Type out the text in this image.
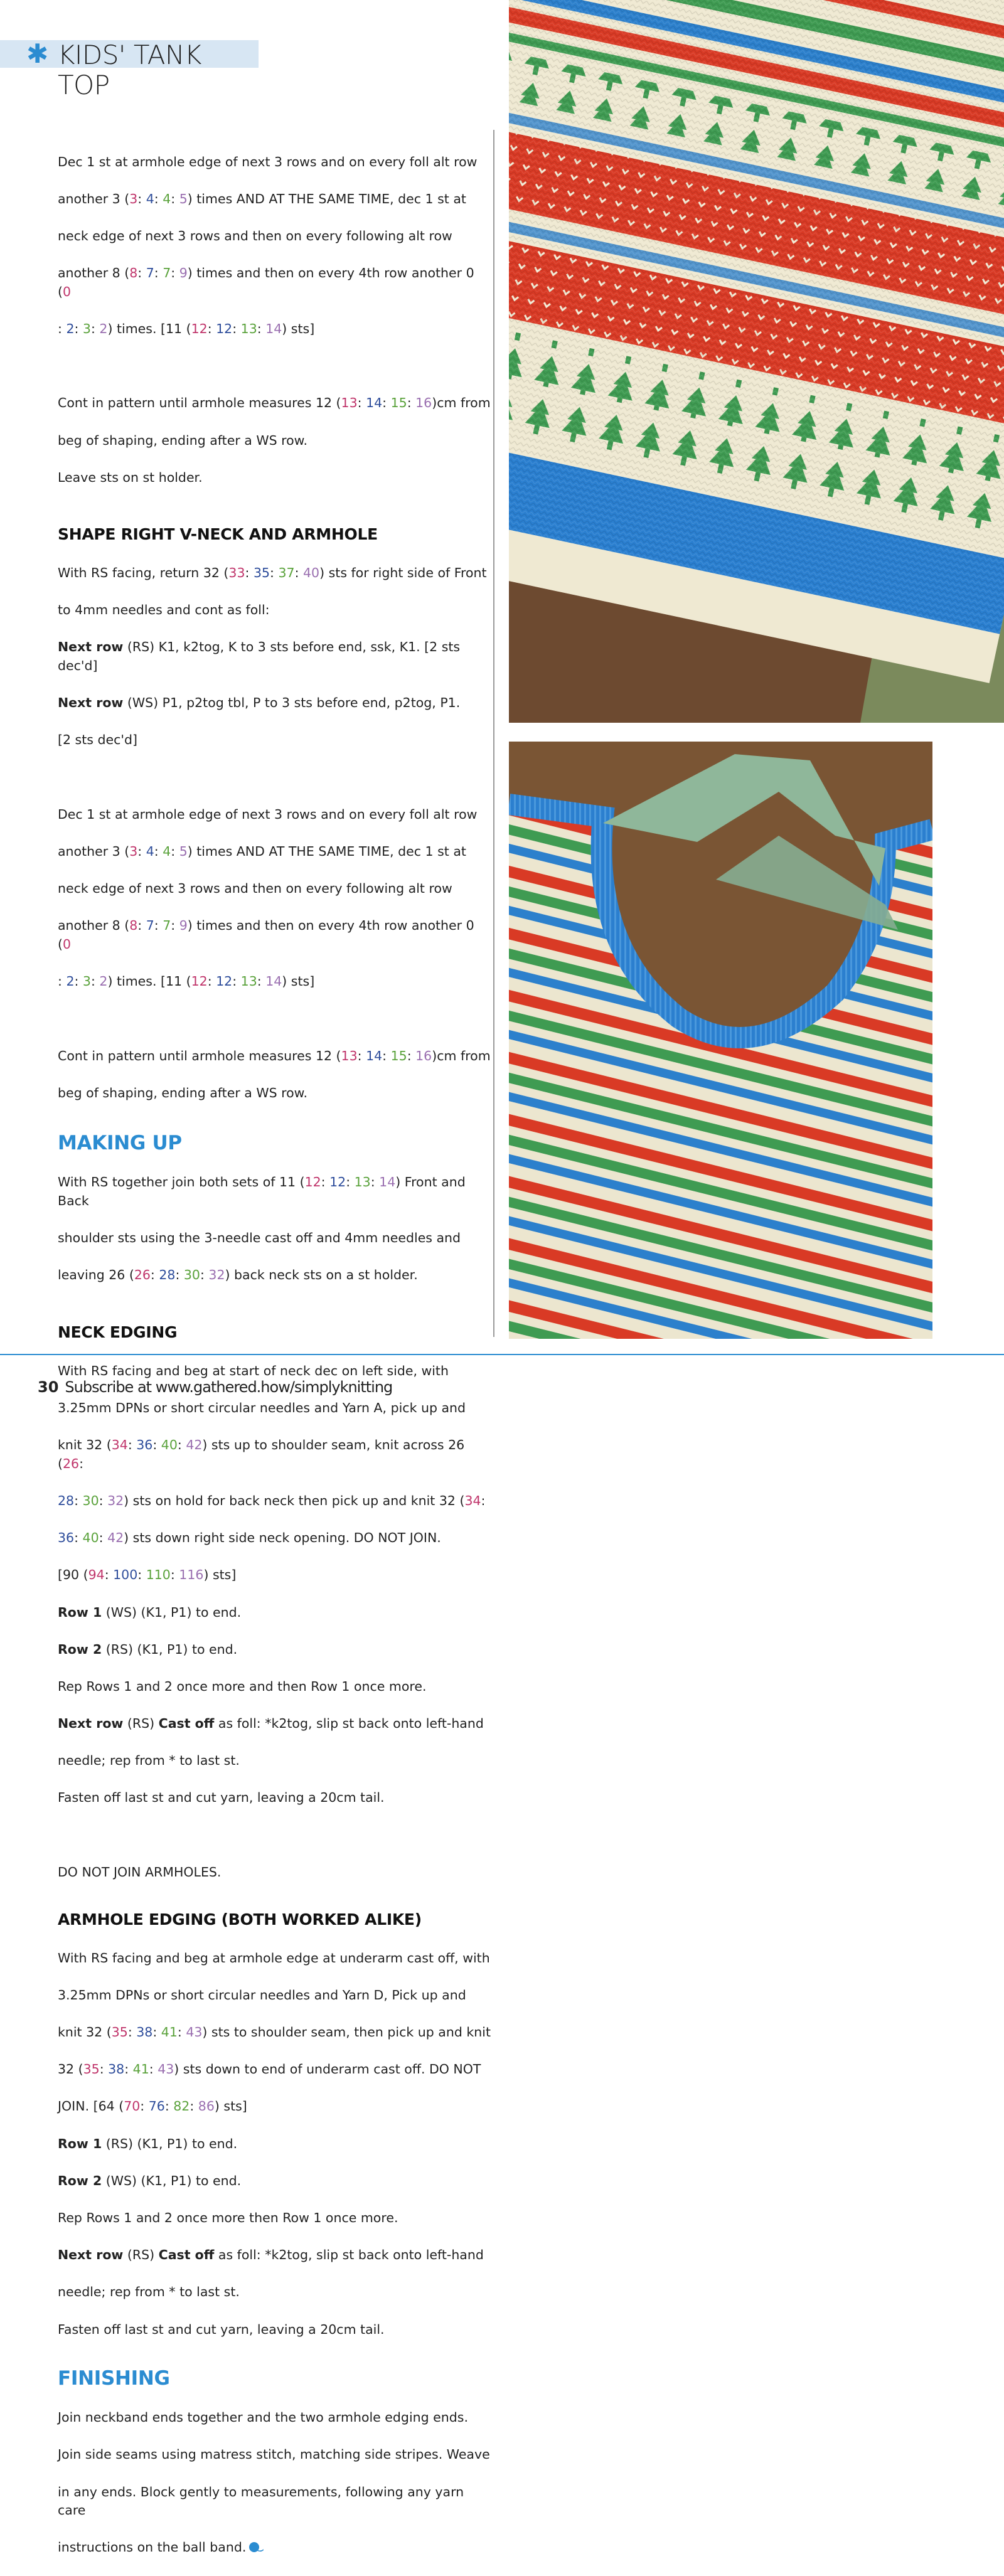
✱ KIDS' TANK TOP

Dec 1 st at armhole edge of next 3 rows and on every foll alt row

another 3 (3: 4: 4: 5) times AND AT THE SAME TIME, dec 1 st at

neck edge of next 3 rows and then on every following alt row

another 8 (8: 7: 7: 9) times and then on every 4th row another 0 (0

: 2: 3: 2) times. [11 (12: 12: 13: 14) sts]

Cont in pattern until armhole measures 12 (13: 14: 15: 16)cm from

beg of shaping, ending after a WS row.

Leave sts on st holder.

SHAPE RIGHT V-NECK AND ARMHOLE

With RS facing, return 32 (33: 35: 37: 40) sts for right side of Front

to 4mm needles and cont as foll:

Next row (RS) K1, k2tog, K to 3 sts before end, ssk, K1. [2 sts dec'd]

Next row (WS) P1, p2tog tbl, P to 3 sts before end, p2tog, P1.

[2 sts dec'd]

Dec 1 st at armhole edge of next 3 rows and on every foll alt row

another 3 (3: 4: 4: 5) times AND AT THE SAME TIME, dec 1 st at

neck edge of next 3 rows and then on every following alt row

another 8 (8: 7: 7: 9) times and then on every 4th row another 0 (0

: 2: 3: 2) times. [11 (12: 12: 13: 14) sts]

Cont in pattern until armhole measures 12 (13: 14: 15: 16)cm from

beg of shaping, ending after a WS row.

MAKING UP

With RS together join both sets of 11 (12: 12: 13: 14) Front and Back

shoulder sts using the 3-needle cast off and 4mm needles and

leaving 26 (26: 28: 30: 32) back neck sts on a st holder.

NECK EDGING

With RS facing and beg at start of neck dec on left side, with

3.25mm DPNs or short circular needles and Yarn A, pick up and

knit 32 (34: 36: 40: 42) sts up to shoulder seam, knit across 26 (26:

28: 30: 32) sts on hold for back neck then pick up and knit 32 (34:

36: 40: 42) sts down right side neck opening. DO NOT JOIN.

[90 (94: 100: 110: 116) sts]

Row 1 (WS) (K1, P1) to end.

Row 2 (RS) (K1, P1) to end.

Rep Rows 1 and 2 once more and then Row 1 once more.

Next row (RS) Cast off as foll: *k2tog, slip st back onto left-hand

needle; rep from * to last st.

Fasten off last st and cut yarn, leaving a 20cm tail.

DO NOT JOIN ARMHOLES.

ARMHOLE EDGING (BOTH WORKED ALIKE)

With RS facing and beg at armhole edge at underarm cast off, with

3.25mm DPNs or short circular needles and Yarn D, Pick up and

knit 32 (35: 38: 41: 43) sts to shoulder seam, then pick up and knit

32 (35: 38: 41: 43) sts down to end of underarm cast off. DO NOT

JOIN. [64 (70: 76: 82: 86) sts]

Row 1 (RS) (K1, P1) to end.

Row 2 (WS) (K1, P1) to end.

Rep Rows 1 and 2 once more then Row 1 once more.

Next row (RS) Cast off as foll: *k2tog, slip st back onto left-hand

needle; rep from * to last st.

Fasten off last st and cut yarn, leaving a 20cm tail.

FINISHING

Join neckband ends together and the two armhole edging ends.

Join side seams using matress stitch, matching side stripes. Weave

in any ends. Block gently to measurements, following any yarn care

instructions on the ball band.

30 Subscribe at www.gathered.how/simplyknitting
